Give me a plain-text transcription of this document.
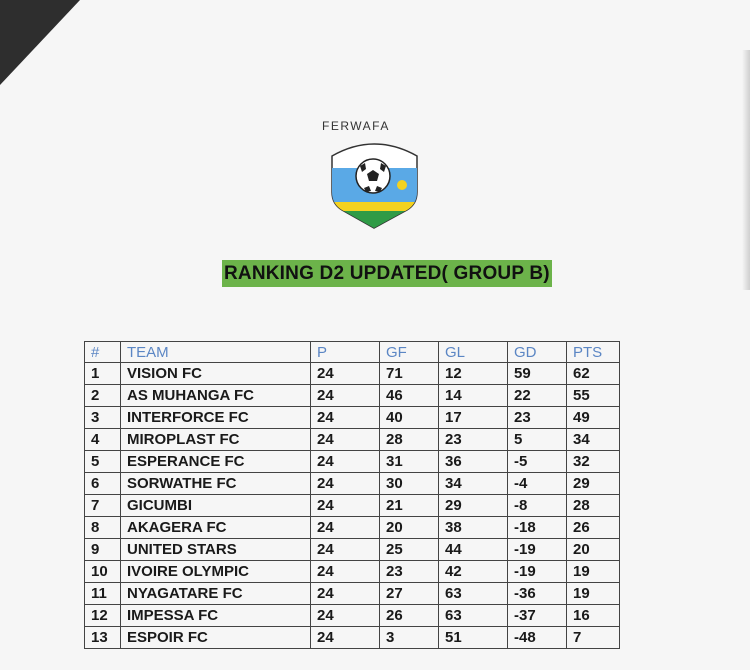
FERWAFA
RANKING D2 UPDATED( GROUP B)
#	TEAM	P	GF	GL	GD	PTS
1	VISION FC	24	71	12	59	62
2	AS MUHANGA FC	24	46	14	22	55
3	INTERFORCE FC	24	40	17	23	49
4	MIROPLAST FC	24	28	23	5	34
5	ESPERANCE FC	24	31	36	-5	32
6	SORWATHE FC	24	30	34	-4	29
7	GICUMBI	24	21	29	-8	28
8	AKAGERA FC	24	20	38	-18	26
9	UNITED STARS	24	25	44	-19	20
10	IVOIRE OLYMPIC	24	23	42	-19	19
11	NYAGATARE FC	24	27	63	-36	19
12	IMPESSA FC	24	26	63	-37	16
13	ESPOIR FC	24	3	51	-48	7
